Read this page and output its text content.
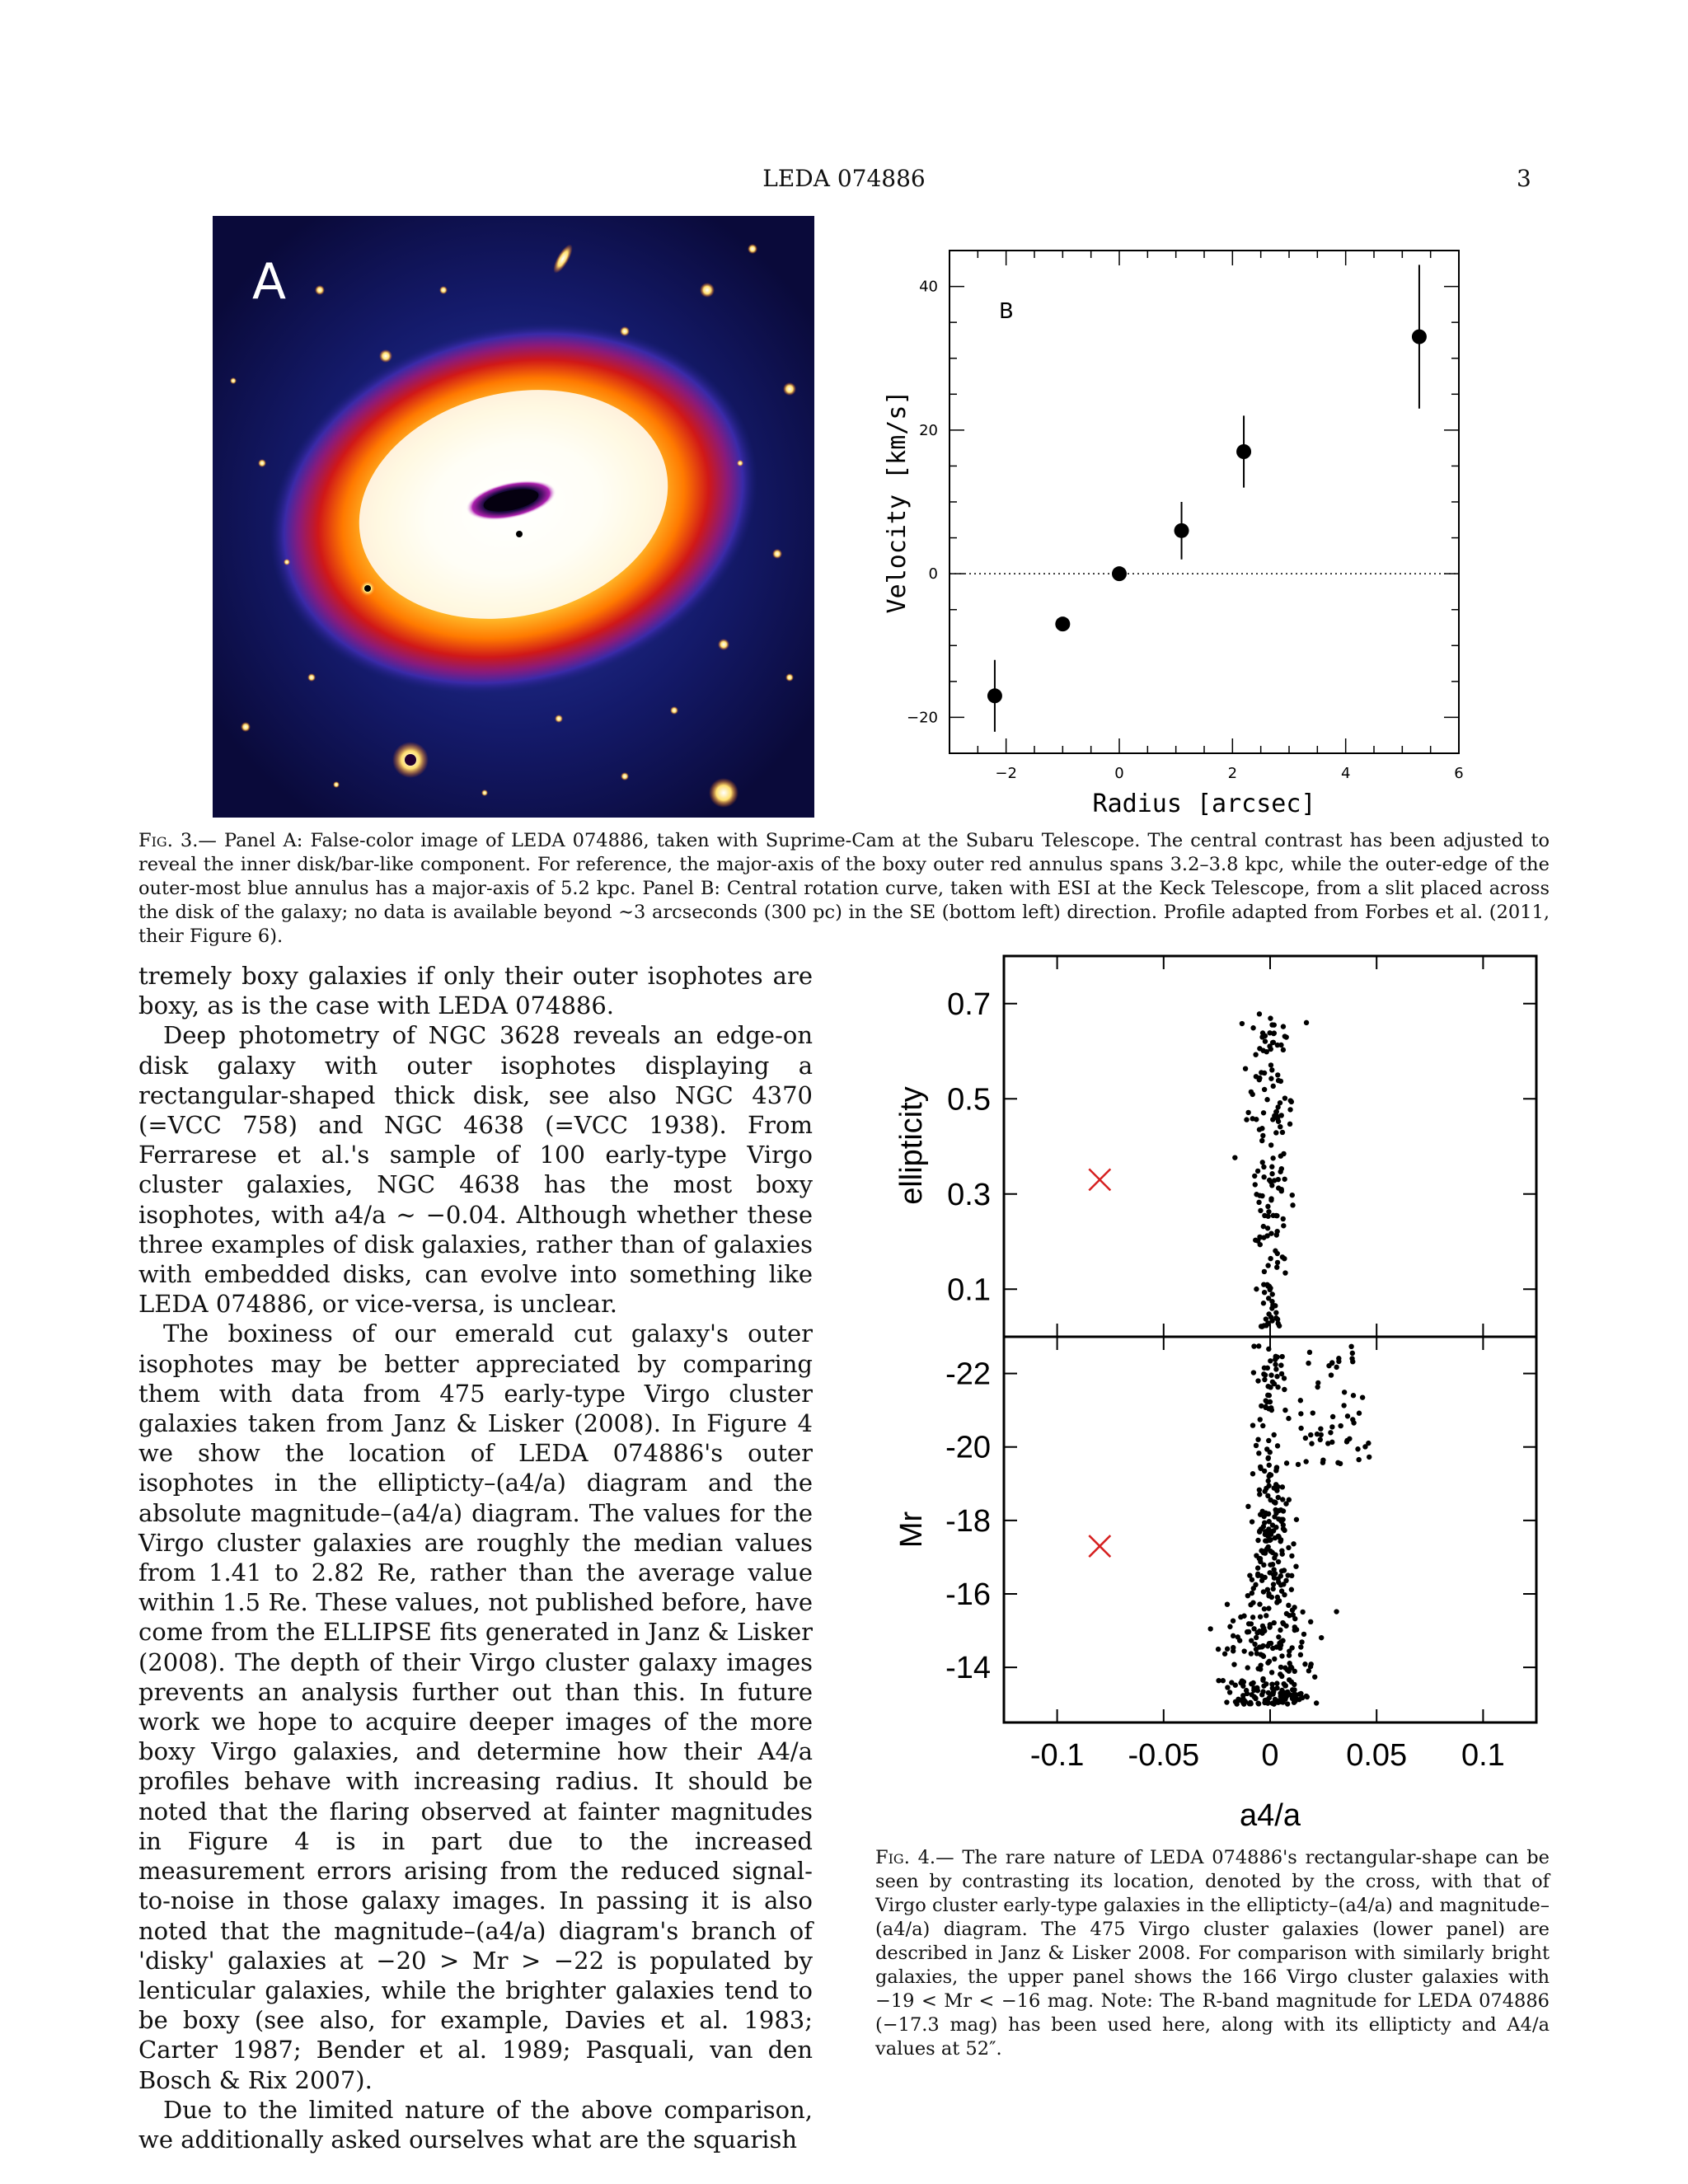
LEDA 074886	3
A
−2	0	2	4	6
−20
0
20
40
B
Radius [arcsec]
Velocity [km/s]
Fig. 3.— Panel A: False-color image of LEDA 074886, taken with Suprime-Cam at the Subaru Telescope. The central contrast has been adjusted to reveal the inner disk/bar-like component. For reference, the major-axis of the boxy outer red annulus spans 3.2–3.8 kpc, while the outer-edge of the outer-most blue annulus has a major-axis of 5.2 kpc. Panel B: Central rotation curve, taken with ESI at the Keck Telescope, from a slit placed across the disk of the galaxy; no data is available beyond ∼3 arcseconds (300 pc) in the SE (bottom left) direction. Profile adapted from Forbes et al. (2011, their Figure 6).

tremely boxy galaxies if only their outer isophotes are boxy, as is the case with LEDA 074886.

Deep photometry of NGC 3628 reveals an edge-on disk galaxy with outer isophotes displaying a rectangular-shaped thick disk, see also NGC 4370 (=VCC 758) and NGC 4638 (=VCC 1938). From Ferrarese et al.'s sample of 100 early-type Virgo cluster galaxies, NGC 4638 has the most boxy isophotes, with a4/a ∼ −0.04. Although whether these three examples of disk galaxies, rather than of galaxies with embedded disks, can evolve into something like LEDA 074886, or vice-versa, is unclear.

The boxiness of our emerald cut galaxy's outer isophotes may be better appreciated by comparing them with data from 475 early-type Virgo cluster galaxies taken from Janz & Lisker (2008). In Figure 4 we show the location of LEDA 074886's outer isophotes in the ellipticty–(a4/a) diagram and the absolute magnitude–(a4/a) diagram. The values for the Virgo cluster galaxies are roughly the median values from 1.41 to 2.82 Re, rather than the average value within 1.5 Re. These values, not published before, have come from the ELLIPSE fits generated in Janz & Lisker (2008). The depth of their Virgo cluster galaxy images prevents an analysis further out than this. In future work we hope to acquire deeper images of the more boxy Virgo galaxies, and determine how their A4/a profiles behave with increasing radius. It should be noted that the flaring observed at fainter magnitudes in Figure 4 is in part due to the increased measurement errors arising from the reduced signal-to-noise in those galaxy images. In passing it is also noted that the magnitude–(a4/a) diagram's branch of 'disky' galaxies at −20 > Mr > −22 is populated by lenticular galaxies, while the brighter galaxies tend to be boxy (see also, for example, Davies et al. 1983; Carter 1987; Bender et al. 1989; Pasquali, van den Bosch & Rix 2007).

Due to the limited nature of the above comparison, we additionally asked ourselves what are the squarish

-0.1 -0.05 0 0.05 0.1
0.1
0.3
0.5
0.7
-22
-20
-18
-16
-14
ellipticity
Mr
a4/a
Fig. 4.— The rare nature of LEDA 074886's rectangular-shape can be seen by contrasting its location, denoted by the cross, with that of Virgo cluster early-type galaxies in the ellipticty–(a4/a) and magnitude–(a4/a) diagram. The 475 Virgo cluster galaxies (lower panel) are described in Janz & Lisker 2008. For comparison with similarly bright galaxies, the upper panel shows the 166 Virgo cluster galaxies with −19 < Mr < −16 mag. Note: The R-band magnitude for LEDA 074886 (−17.3 mag) has been used here, along with its ellipticty and A4/a values at 52″.
